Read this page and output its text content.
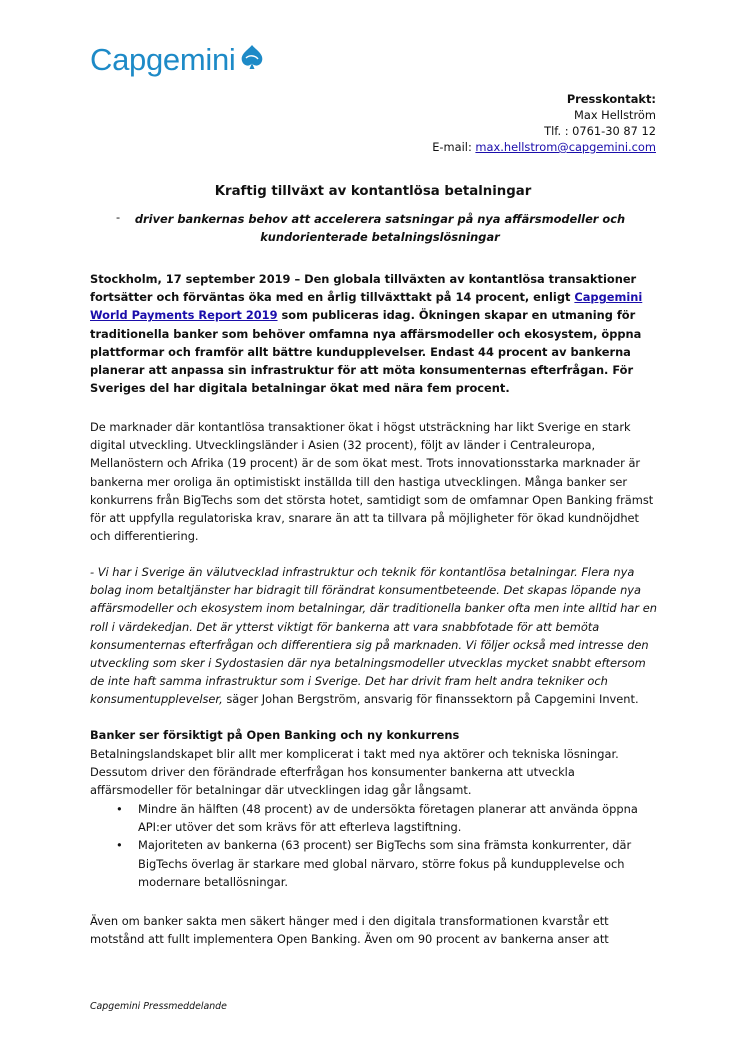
Capgemini
Presskontakt:
Max Hellström
Tlf. : 0761-30 87 12
E-mail: max.hellstrom@capgemini.com
Kraftig tillväxt av kontantlösa betalningar
-	driver bankernas behov att accelerera satsningar på nya affärsmodeller och kundorienterade betalningslösningar
Stockholm, 17 september 2019 – Den globala tillväxten av kontantlösa transaktioner fortsätter och förväntas öka med en årlig tillväxttakt på 14 procent, enligt Capgemini World Payments Report 2019 som publiceras idag. Ökningen skapar en utmaning för traditionella banker som behöver omfamna nya affärsmodeller och ekosystem, öppna plattformar och framför allt bättre kundupplevelser. Endast 44 procent av bankerna planerar att anpassa sin infrastruktur för att möta konsumenternas efterfrågan. För Sveriges del har digitala betalningar ökat med nära fem procent.
De marknader där kontantlösa transaktioner ökat i högst utsträckning har likt Sverige en stark digital utveckling. Utvecklingsländer i Asien (32 procent), följt av länder i Centraleuropa, Mellanöstern och Afrika (19 procent) är de som ökat mest. Trots innovationsstarka marknader är bankerna mer oroliga än optimistiskt inställda till den hastiga utvecklingen. Många banker ser konkurrens från BigTechs som det största hotet, samtidigt som de omfamnar Open Banking främst för att uppfylla regulatoriska krav, snarare än att ta tillvara på möjligheter för ökad kundnöjdhet och differentiering.
- Vi har i Sverige än välutvecklad infrastruktur och teknik för kontantlösa betalningar. Flera nya bolag inom betaltjänster har bidragit till förändrat konsumentbeteende. Det skapas löpande nya affärsmodeller och ekosystem inom betalningar, där traditionella banker ofta men inte alltid har en roll i värdekedjan. Det är ytterst viktigt för bankerna att vara snabbfotade för att bemöta konsumenternas efterfrågan och differentiera sig på marknaden. Vi följer också med intresse den utveckling som sker i Sydostasien där nya betalningsmodeller utvecklas mycket snabbt eftersom de inte haft samma infrastruktur som i Sverige. Det har drivit fram helt andra tekniker och konsumentupplevelser, säger Johan Bergström, ansvarig för finanssektorn på Capgemini Invent.
Banker ser försiktigt på Open Banking och ny konkurrens
Betalningslandskapet blir allt mer komplicerat i takt med nya aktörer och tekniska lösningar. Dessutom driver den förändrade efterfrågan hos konsumenter bankerna att utveckla affärsmodeller för betalningar där utvecklingen idag går långsamt.
• Mindre än hälften (48 procent) av de undersökta företagen planerar att använda öppna API:er utöver det som krävs för att efterleva lagstiftning.
• Majoriteten av bankerna (63 procent) ser BigTechs som sina främsta konkurrenter, där BigTechs överlag är starkare med global närvaro, större fokus på kundupplevelse och modernare betallösningar.
Även om banker sakta men säkert hänger med i den digitala transformationen kvarstår ett motstånd att fullt implementera Open Banking. Även om 90 procent av bankerna anser att
Capgemini Pressmeddelande
